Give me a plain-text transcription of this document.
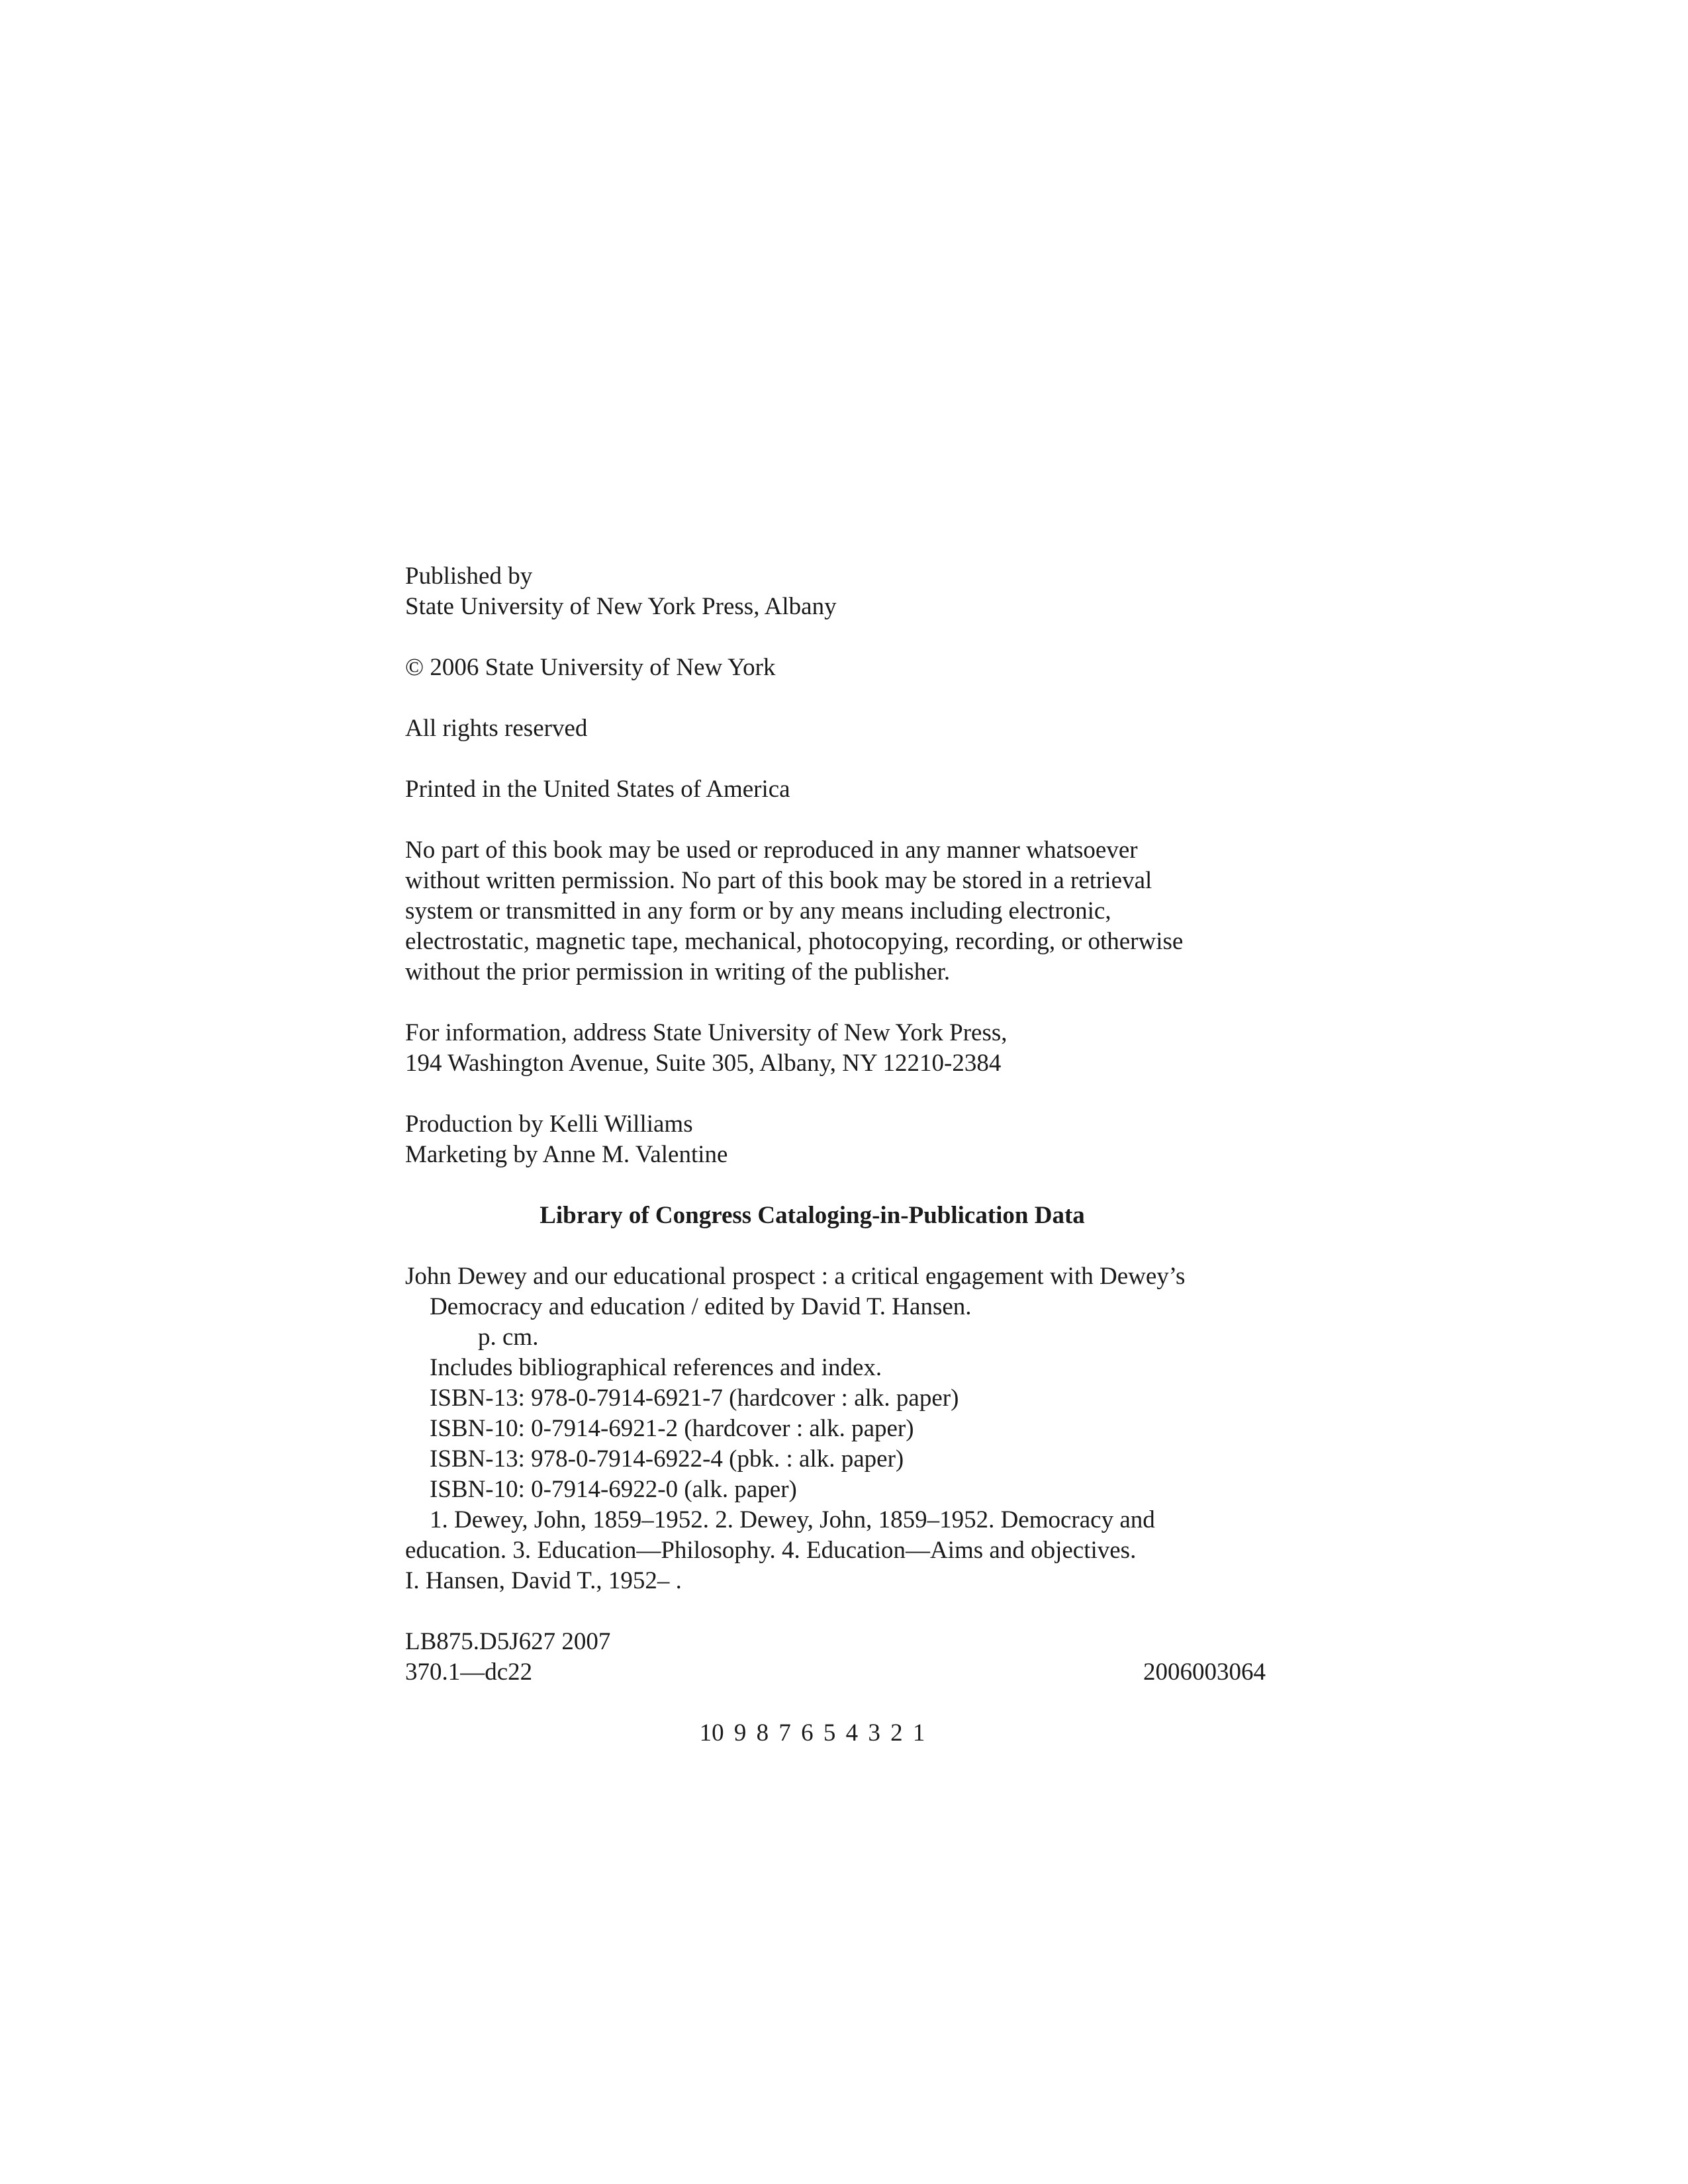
Published by
State University of New York Press, Albany
© 2006 State University of New York
All rights reserved
Printed in the United States of America
No part of this book may be used or reproduced in any manner whatsoever
without written permission. No part of this book may be stored in a retrieval
system or transmitted in any form or by any means including electronic,
electrostatic, magnetic tape, mechanical, photocopying, recording, or otherwise
without the prior permission in writing of the publisher.
For information, address State University of New York Press,
194 Washington Avenue, Suite 305, Albany, NY 12210-2384
Production by Kelli Williams
Marketing by Anne M. Valentine
Library of Congress Cataloging-in-Publication Data
John Dewey and our educational prospect : a critical engagement with Dewey’s
Democracy and education / edited by David T. Hansen.
p. cm.
Includes bibliographical references and index.
ISBN-13: 978-0-7914-6921-7 (hardcover : alk. paper)
ISBN-10: 0-7914-6921-2 (hardcover : alk. paper)
ISBN-13: 978-0-7914-6922-4 (pbk. : alk. paper)
ISBN-10: 0-7914-6922-0 (alk. paper)
1. Dewey, John, 1859–1952. 2. Dewey, John, 1859–1952. Democracy and
education. 3. Education—Philosophy. 4. Education—Aims and objectives.
I. Hansen, David T., 1952– .
LB875.D5J627 2007
370.1—dc22	2006003064
10 9 8 7 6 5 4 3 2 1
